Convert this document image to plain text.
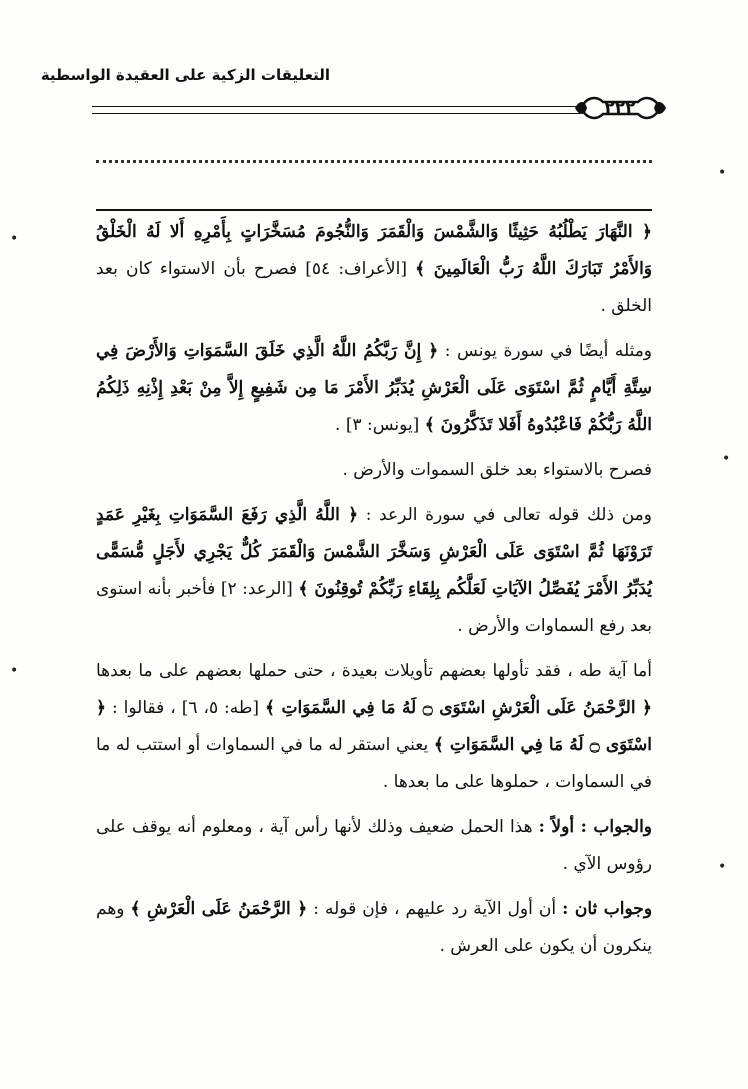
التعليقات الزكية على العقيدة الواسطية
٢٢٢
•
•
•
•
•

﴿ النَّهَارَ يَطْلُبُهُ حَثِيثًا وَالشَّمْسَ وَالْقَمَرَ وَالنُّجُومَ مُسَخَّرَاتٍ بِأَمْرِهِ أَلا لَهُ الْخَلْقُ وَالأَمْرُ تَبَارَكَ اللَّهُ رَبُّ الْعَالَمِينَ ﴾ [الأعراف: ٥٤] فصرح بأن الاستواء كان بعد الخلق .

ومثله أيضًا في سورة يونس : ﴿ إِنَّ رَبَّكُمُ اللَّهُ الَّذِي خَلَقَ السَّمَوَاتِ وَالأَرْضَ فِي سِتَّةِ أَيَّامٍ ثُمَّ اسْتَوَى عَلَى الْعَرْشِ يُدَبِّرُ الأَمْرَ مَا مِن شَفِيعٍ إِلاَّ مِنْ بَعْدِ إِذْنِهِ ذَلِكُمُ اللَّهُ رَبُّكُمْ فَاعْبُدُوهُ أَفَلا تَذَكَّرُونَ ﴾ [يونس: ٣] .

فصرح بالاستواء بعد خلق السموات والأرض .

ومن ذلك قوله تعالى في سورة الرعد : ﴿ اللَّهُ الَّذِي رَفَعَ السَّمَوَاتِ بِغَيْرِ عَمَدٍ تَرَوْنَهَا ثُمَّ اسْتَوَى عَلَى الْعَرْشِ وَسَخَّرَ الشَّمْسَ وَالْقَمَرَ كُلٌّ يَجْرِي لأَجَلٍ مُّسَمًّى يُدَبِّرُ الأَمْرَ يُفَصِّلُ الآيَاتِ لَعَلَّكُم بِلِقَاءِ رَبِّكُمْ تُوقِنُونَ ﴾ [الرعد: ٢] فأخبر بأنه استوى بعد رفع السماوات والأرض .

أما آية طه ، فقد تأولها بعضهم تأويلات بعيدة ، حتى حملها بعضهم على ما بعدها ﴿ الرَّحْمَنُ عَلَى الْعَرْشِ اسْتَوَى ۝ لَهُ مَا فِي السَّمَوَاتِ ﴾ [طه: ٥، ٦] ، فقالوا : ﴿ اسْتَوَى ۝ لَهُ مَا فِي السَّمَوَاتِ ﴾ يعني استقر له ما في السماوات أو استتب له ما في السماوات ، حملوها على ما بعدها .

والجواب : أولاً : هذا الحمل ضعيف وذلك لأنها رأس آية ، ومعلوم أنه يوقف على رؤوس الآي .

وجواب ثان : أن أول الآية رد عليهم ، فإن قوله : ﴿ الرَّحْمَنُ عَلَى الْعَرْشِ ﴾ وهم ينكرون أن يكون على العرش .
